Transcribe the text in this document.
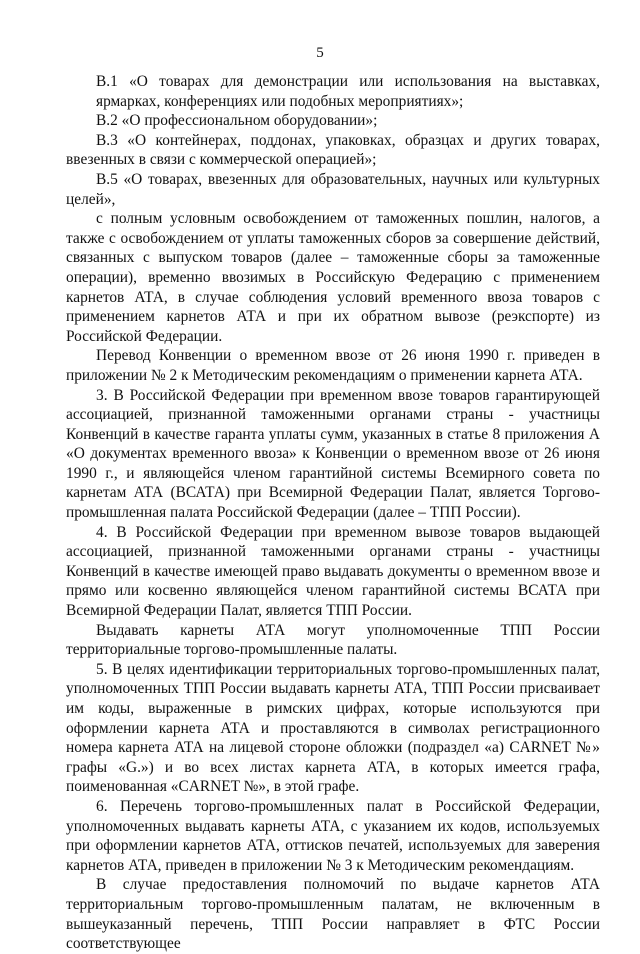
5

В.1 «О товарах для демонстрации или использования на выставках, ярмарках, конференциях или подобных мероприятиях»;

В.2 «О профессиональном оборудовании»;

В.3 «О контейнерах, поддонах, упаковках, образцах и других товарах, ввезенных в связи с коммерческой операцией»;

В.5 «О товарах, ввезенных для образовательных, научных или культурных целей»,

с полным условным освобождением от таможенных пошлин, налогов, а также с освобождением от уплаты таможенных сборов за совершение действий, связанных с выпуском товаров (далее – таможенные сборы за таможенные операции), временно ввозимых в Российскую Федерацию с применением карнетов АТА, в случае соблюдения условий временного ввоза товаров с применением карнетов АТА и при их обратном вывозе (реэкспорте) из Российской Федерации.

Перевод Конвенции о временном ввозе от 26 июня 1990 г. приведен в приложении № 2 к Методическим рекомендациям о применении карнета АТА.

3. В Российской Федерации при временном ввозе товаров гарантирующей ассоциацией, признанной таможенными органами страны - участницы Конвенций в качестве гаранта уплаты сумм, указанных в статье 8 приложения А «О документах временного ввоза» к Конвенции о временном ввозе от 26 июня 1990 г., и являющейся членом гарантийной системы Всемирного совета по карнетам АТА (ВСАТА) при Всемирной Федерации Палат, является Торгово-промышленная палата Российской Федерации (далее – ТПП России).

4. В Российской Федерации при временном вывозе товаров выдающей ассоциацией, признанной таможенными органами страны - участницы Конвенций в качестве имеющей право выдавать документы о временном ввозе и прямо или косвенно являющейся членом гарантийной системы ВСАТА при Всемирной Федерации Палат, является ТПП России.

Выдавать карнеты АТА могут уполномоченные ТПП России территориальные торгово-промышленные палаты.

5. В целях идентификации территориальных торгово-промышленных палат, уполномоченных ТПП России выдавать карнеты АТА, ТПП России присваивает им коды, выраженные в римских цифрах, которые используются при оформлении карнета АТА и проставляются в символах регистрационного номера карнета АТА на лицевой стороне обложки (подраздел «а) CARNET №» графы «G.») и во всех листах карнета АТА, в которых имеется графа, поименованная «CARNET №», в этой графе.

6. Перечень торгово-промышленных палат в Российской Федерации, уполномоченных выдавать карнеты АТА, с указанием их кодов, используемых при оформлении карнетов АТА, оттисков печатей, используемых для заверения карнетов АТА, приведен в приложении № 3 к Методическим рекомендациям.

В случае предоставления полномочий по выдаче карнетов АТА территориальным торгово-промышленным палатам, не включенным в вышеуказанный перечень, ТПП России направляет в ФТС России соответствующее
